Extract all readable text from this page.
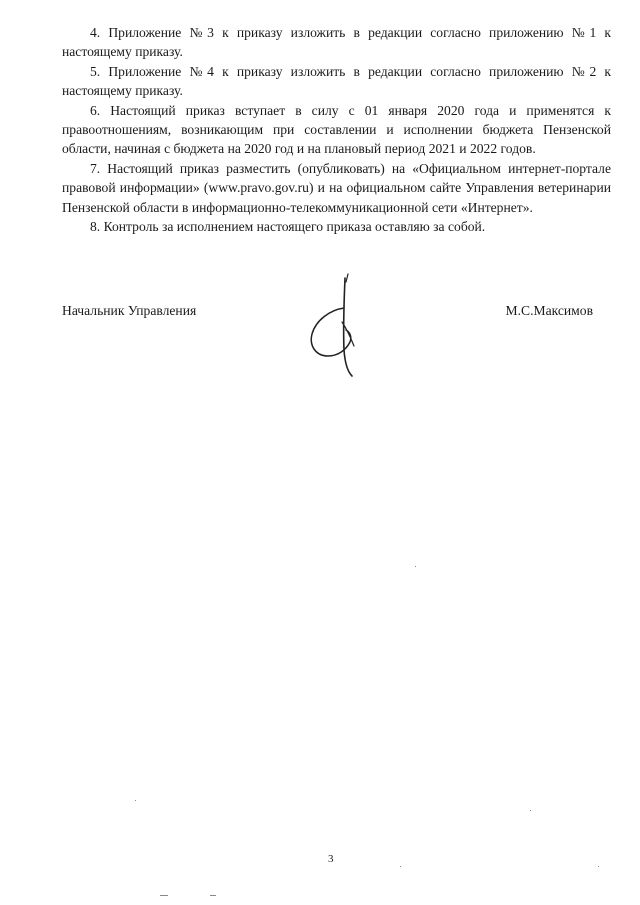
4. Приложение №3 к приказу изложить в редакции согласно приложению №1 к настоящему приказу.

5. Приложение №4 к приказу изложить в редакции согласно приложению №2 к настоящему приказу.

6. Настоящий приказ вступает в силу с 01 января 2020 года и применятся к правоотношениям, возникающим при составлении и исполнении бюджета Пензенской области, начиная с бюджета на 2020 год и на плановый период 2021 и 2022 годов.

7. Настоящий приказ разместить (опубликовать) на «Официальном интернет-портале правовой информации» (www.pravo.gov.ru) и на официальном сайте Управления ветеринарии Пензенской области в информационно-телекоммуникационной сети «Интернет».

8. Контроль за исполнением настоящего приказа оставляю за собой.

Начальник Управления	М.С.Максимов
3
